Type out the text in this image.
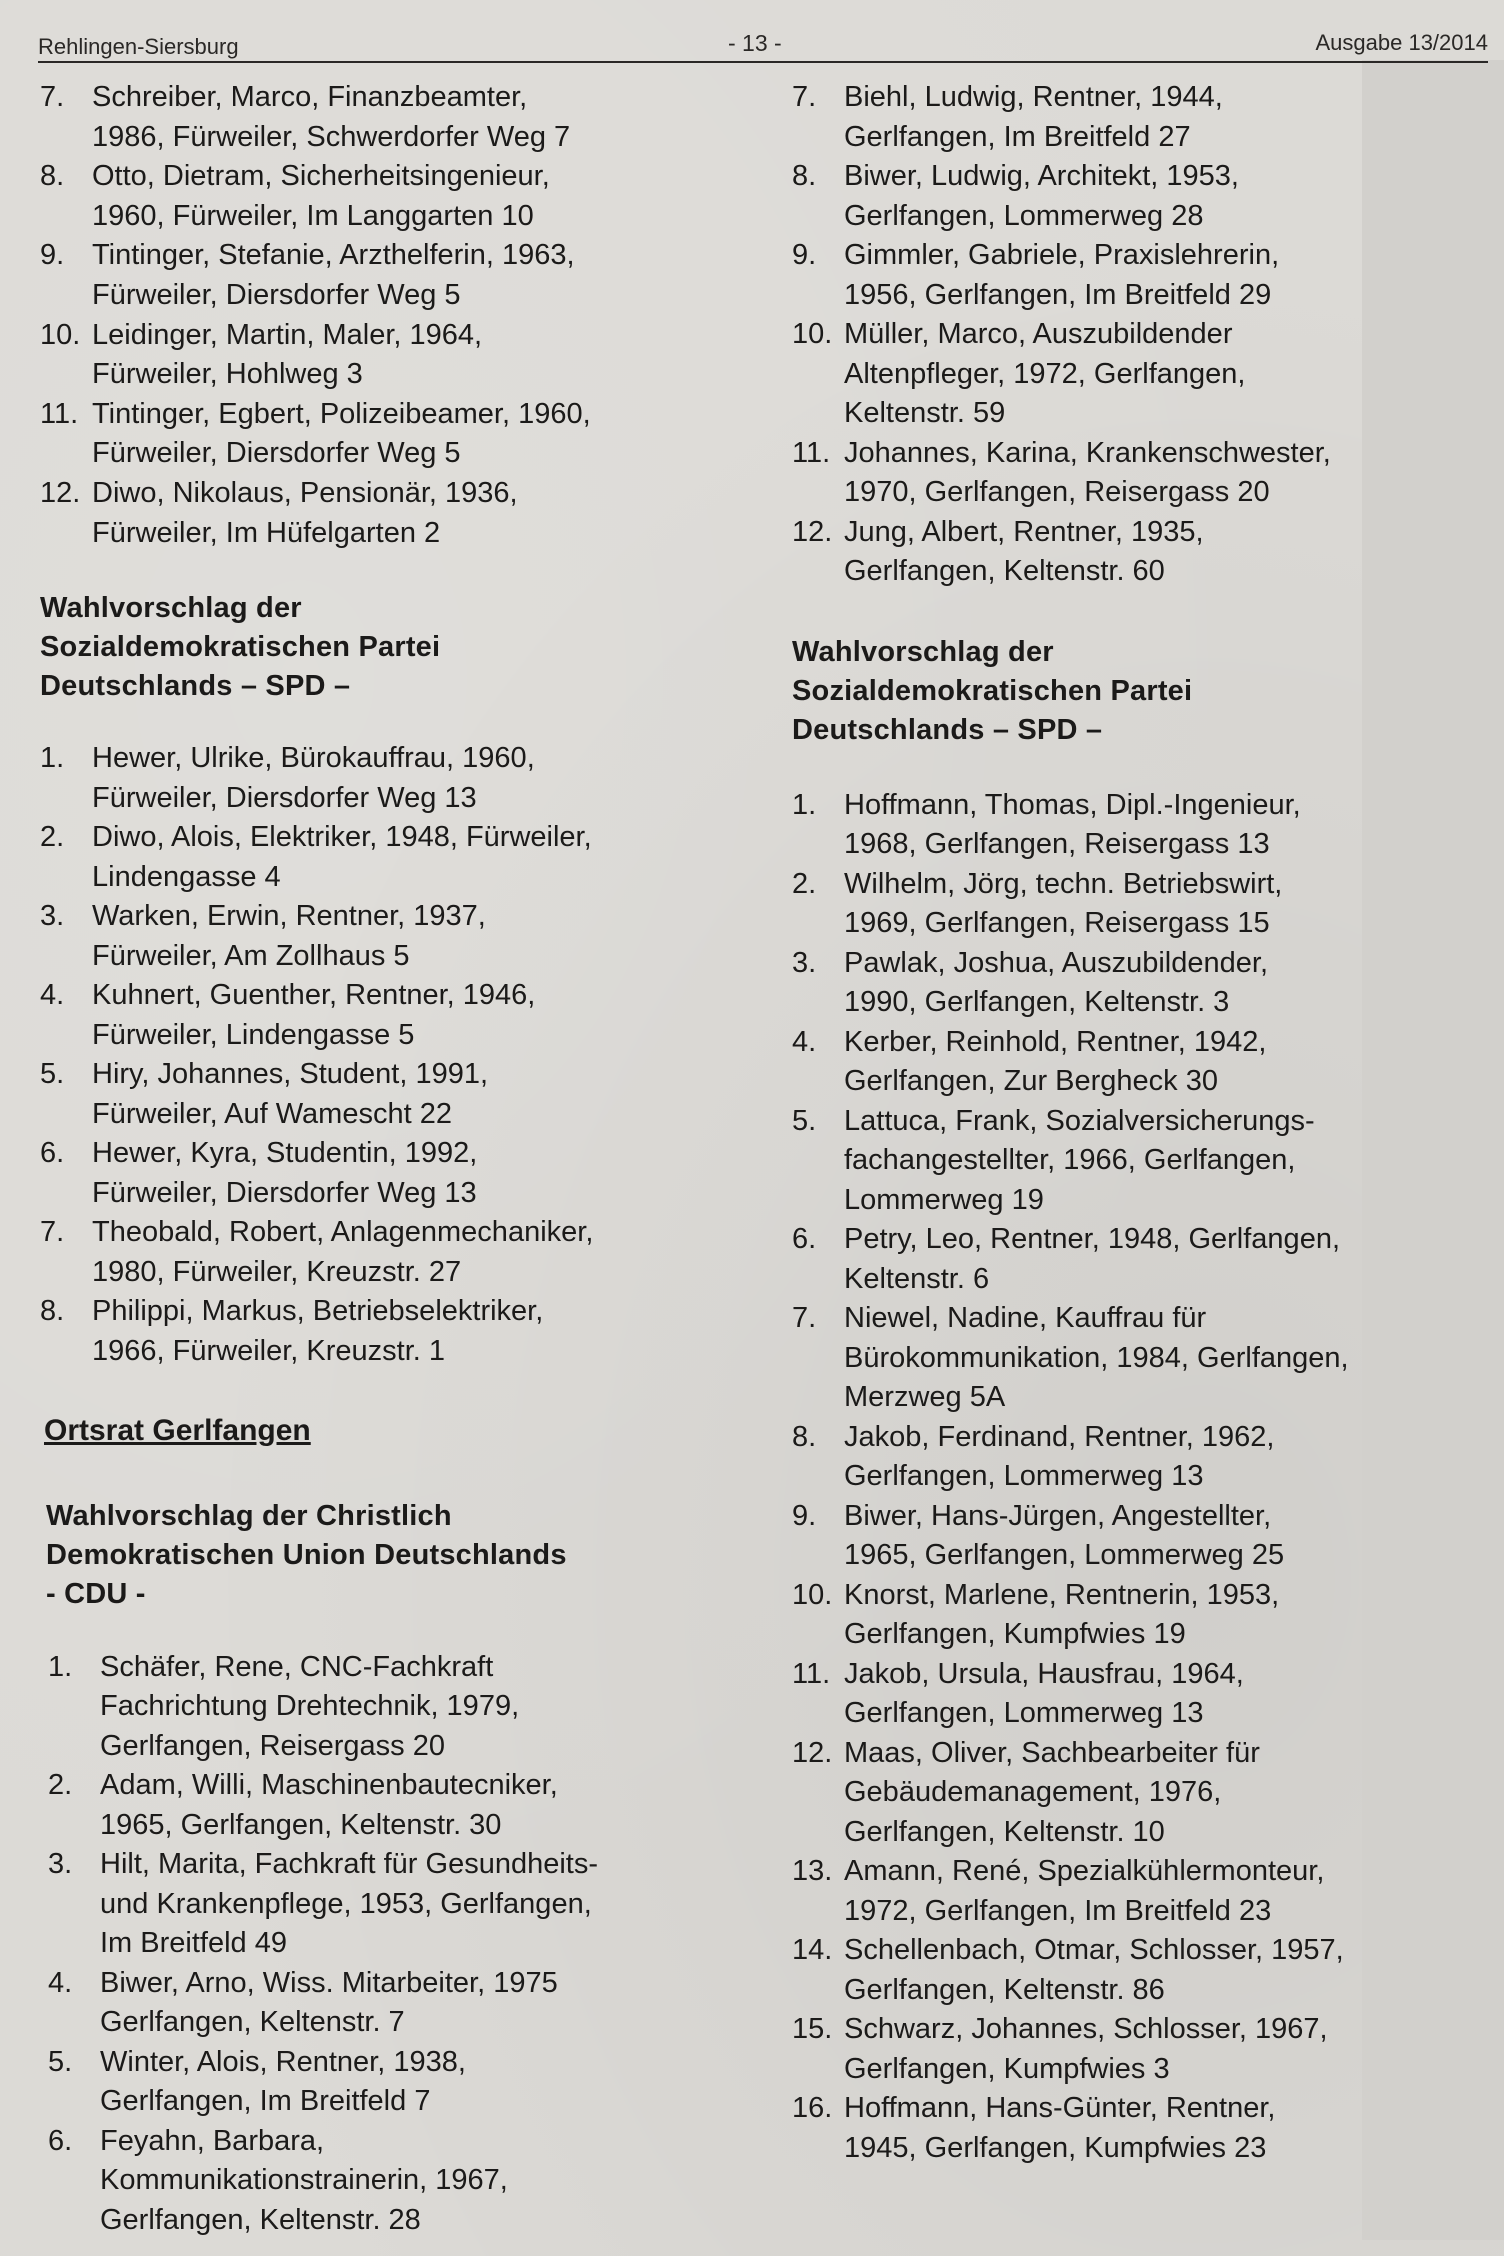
Rehlingen-Siersburg	- 13 -	Ausgabe 13/2014
7. Schreiber, Marco, Finanzbeamter,
1986, Fürweiler, Schwerdorfer Weg 7
8. Otto, Dietram, Sicherheitsingenieur,
1960, Fürweiler, Im Langgarten 10
9. Tintinger, Stefanie, Arzthelferin, 1963,
Fürweiler, Diersdorfer Weg 5
10. Leidinger, Martin, Maler, 1964,
Fürweiler, Hohlweg 3
11. Tintinger, Egbert, Polizeibeamer, 1960,
Fürweiler, Diersdorfer Weg 5
12. Diwo, Nikolaus, Pensionär, 1936,
Fürweiler, Im Hüfelgarten 2
Wahlvorschlag der
Sozialdemokratischen Partei
Deutschlands – SPD –
1. Hewer, Ulrike, Bürokauffrau, 1960,
Fürweiler, Diersdorfer Weg 13
2. Diwo, Alois, Elektriker, 1948, Fürweiler,
Lindengasse 4
3. Warken, Erwin, Rentner, 1937,
Fürweiler, Am Zollhaus 5
4. Kuhnert, Guenther, Rentner, 1946,
Fürweiler, Lindengasse 5
5. Hiry, Johannes, Student, 1991,
Fürweiler, Auf Wamescht 22
6. Hewer, Kyra, Studentin, 1992,
Fürweiler, Diersdorfer Weg 13
7. Theobald, Robert, Anlagenmechaniker,
1980, Fürweiler, Kreuzstr. 27
8. Philippi, Markus, Betriebselektriker,
1966, Fürweiler, Kreuzstr. 1
Ortsrat Gerlfangen
Wahlvorschlag der Christlich
Demokratischen Union Deutschlands
- CDU -
1. Schäfer, Rene, CNC-Fachkraft
Fachrichtung Drehtechnik, 1979,
Gerlfangen, Reisergass 20
2. Adam, Willi, Maschinenbautecniker,
1965, Gerlfangen, Keltenstr. 30
3. Hilt, Marita, Fachkraft für Gesundheits-
und Krankenpflege, 1953, Gerlfangen,
Im Breitfeld 49
4. Biwer, Arno, Wiss. Mitarbeiter, 1975
Gerlfangen, Keltenstr. 7
5. Winter, Alois, Rentner, 1938,
Gerlfangen, Im Breitfeld 7
6. Feyahn, Barbara,
Kommunikationstrainerin, 1967,
Gerlfangen, Keltenstr. 28
7. Biehl, Ludwig, Rentner, 1944,
Gerlfangen, Im Breitfeld 27
8. Biwer, Ludwig, Architekt, 1953,
Gerlfangen, Lommerweg 28
9. Gimmler, Gabriele, Praxislehrerin,
1956, Gerlfangen, Im Breitfeld 29
10. Müller, Marco, Auszubildender
Altenpfleger, 1972, Gerlfangen,
Keltenstr. 59
11. Johannes, Karina, Krankenschwester,
1970, Gerlfangen, Reisergass 20
12. Jung, Albert, Rentner, 1935,
Gerlfangen, Keltenstr. 60
Wahlvorschlag der
Sozialdemokratischen Partei
Deutschlands – SPD –
1. Hoffmann, Thomas, Dipl.-Ingenieur,
1968, Gerlfangen, Reisergass 13
2. Wilhelm, Jörg, techn. Betriebswirt,
1969, Gerlfangen, Reisergass 15
3. Pawlak, Joshua, Auszubildender,
1990, Gerlfangen, Keltenstr. 3
4. Kerber, Reinhold, Rentner, 1942,
Gerlfangen, Zur Bergheck 30
5. Lattuca, Frank, Sozialversicherungs-
fachangestellter, 1966, Gerlfangen,
Lommerweg 19
6. Petry, Leo, Rentner, 1948, Gerlfangen,
Keltenstr. 6
7. Niewel, Nadine, Kauffrau für
Bürokommunikation, 1984, Gerlfangen,
Merzweg 5A
8. Jakob, Ferdinand, Rentner, 1962,
Gerlfangen, Lommerweg 13
9. Biwer, Hans-Jürgen, Angestellter,
1965, Gerlfangen, Lommerweg 25
10. Knorst, Marlene, Rentnerin, 1953,
Gerlfangen, Kumpfwies 19
11. Jakob, Ursula, Hausfrau, 1964,
Gerlfangen, Lommerweg 13
12. Maas, Oliver, Sachbearbeiter für
Gebäudemanagement, 1976,
Gerlfangen, Keltenstr. 10
13. Amann, René, Spezialkühlermonteur,
1972, Gerlfangen, Im Breitfeld 23
14. Schellenbach, Otmar, Schlosser, 1957,
Gerlfangen, Keltenstr. 86
15. Schwarz, Johannes, Schlosser, 1967,
Gerlfangen, Kumpfwies 3
16. Hoffmann, Hans-Günter, Rentner,
1945, Gerlfangen, Kumpfwies 23
